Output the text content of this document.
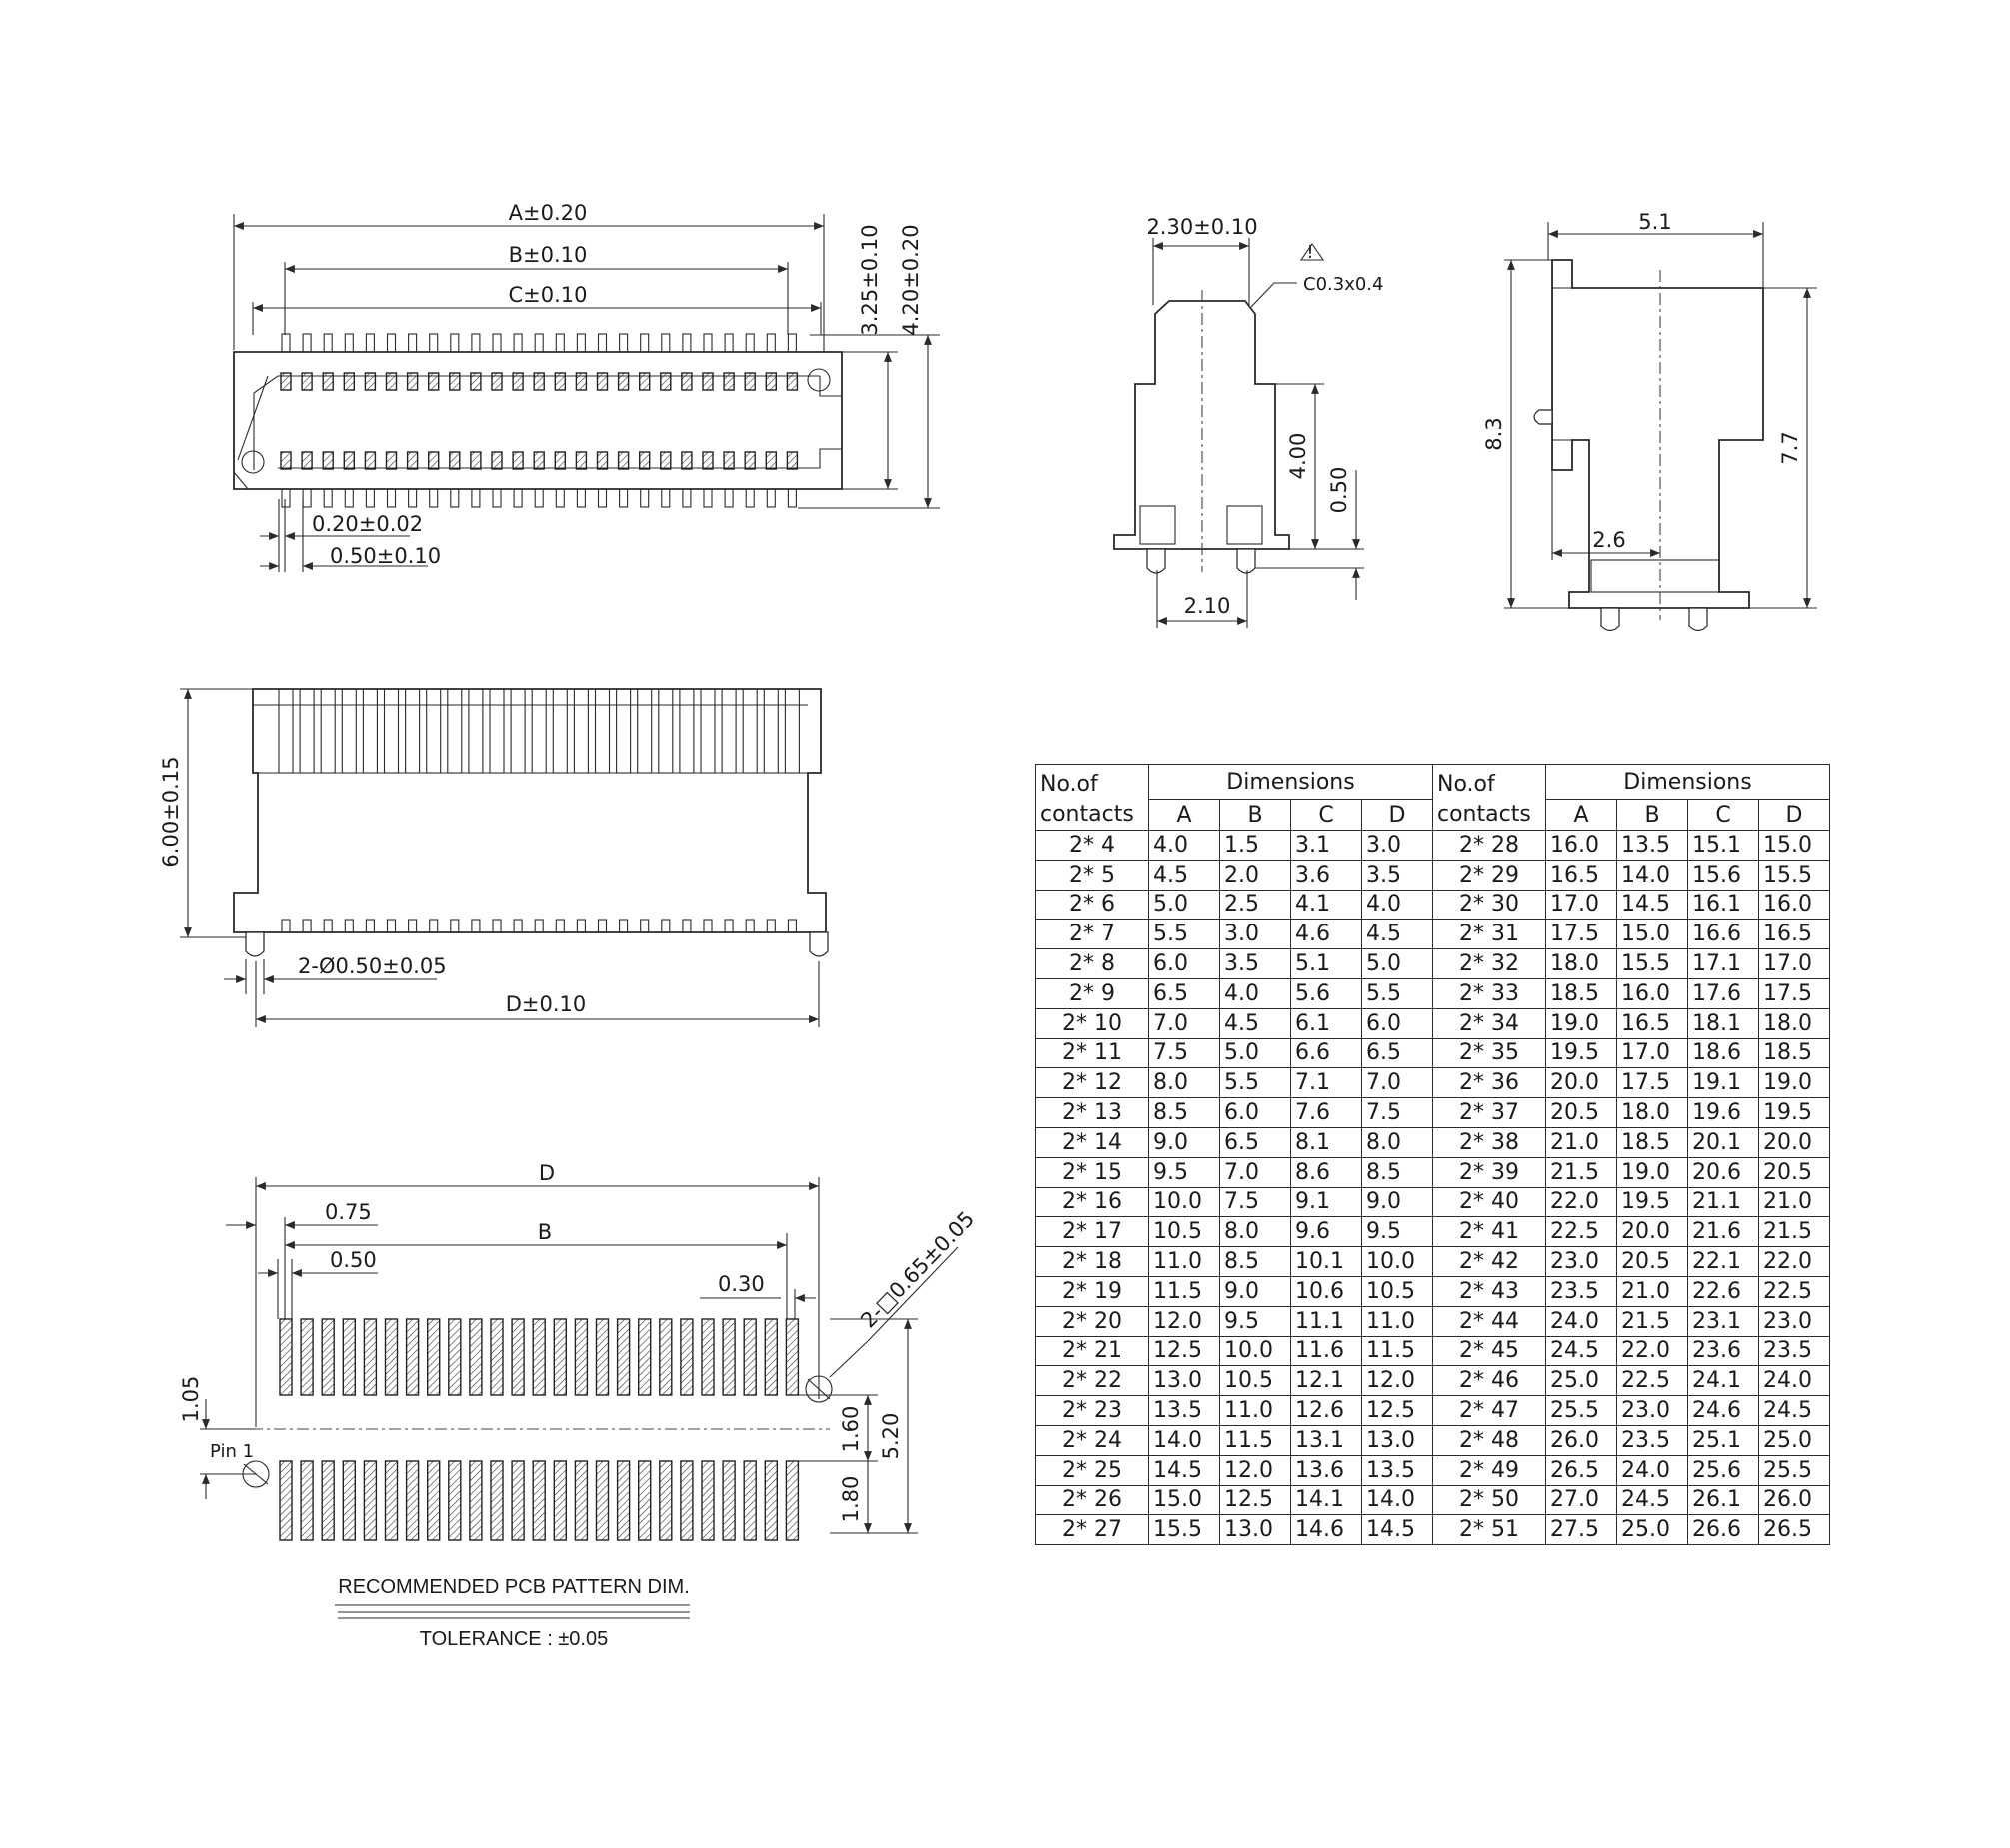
A±0.20
B±0.10
C±0.10	3.25±0.10 4.20±0.20
0.20±0.02
0.50±0.10
2.30±0.10
!
C0.3x0.4
4.00
0.50
2.10
5.1
8.3	7.7
2.6
6.00±0.15
2-Ø0.50±0.05
D±0.10
D
B
0.75
0.50
0.30	2-□0.65±0.05
5.20
1.60
1.80
1.05
Pin 1
RECOMMENDED PCB PATTERN DIM.
TOLERANCE : ±0.05
No.of
contacts	Dimensions				No.of
contacts	Dimensions			
	A	B	C	D		A	B	C	D
2* 4	4.0	1.5	3.1	3.0	2* 28	16.0	13.5	15.1	15.0
2* 5	4.5	2.0	3.6	3.5	2* 29	16.5	14.0	15.6	15.5
2* 6	5.0	2.5	4.1	4.0	2* 30	17.0	14.5	16.1	16.0
2* 7	5.5	3.0	4.6	4.5	2* 31	17.5	15.0	16.6	16.5
2* 8	6.0	3.5	5.1	5.0	2* 32	18.0	15.5	17.1	17.0
2* 9	6.5	4.0	5.6	5.5	2* 33	18.5	16.0	17.6	17.5
2* 10	7.0	4.5	6.1	6.0	2* 34	19.0	16.5	18.1	18.0
2* 11	7.5	5.0	6.6	6.5	2* 35	19.5	17.0	18.6	18.5
2* 12	8.0	5.5	7.1	7.0	2* 36	20.0	17.5	19.1	19.0
2* 13	8.5	6.0	7.6	7.5	2* 37	20.5	18.0	19.6	19.5
2* 14	9.0	6.5	8.1	8.0	2* 38	21.0	18.5	20.1	20.0
2* 15	9.5	7.0	8.6	8.5	2* 39	21.5	19.0	20.6	20.5
2* 16	10.0	7.5	9.1	9.0	2* 40	22.0	19.5	21.1	21.0
2* 17	10.5	8.0	9.6	9.5	2* 41	22.5	20.0	21.6	21.5
2* 18	11.0	8.5	10.1	10.0	2* 42	23.0	20.5	22.1	22.0
2* 19	11.5	9.0	10.6	10.5	2* 43	23.5	21.0	22.6	22.5
2* 20	12.0	9.5	11.1	11.0	2* 44	24.0	21.5	23.1	23.0
2* 21	12.5	10.0	11.6	11.5	2* 45	24.5	22.0	23.6	23.5
2* 22	13.0	10.5	12.1	12.0	2* 46	25.0	22.5	24.1	24.0
2* 23	13.5	11.0	12.6	12.5	2* 47	25.5	23.0	24.6	24.5
2* 24	14.0	11.5	13.1	13.0	2* 48	26.0	23.5	25.1	25.0
2* 25	14.5	12.0	13.6	13.5	2* 49	26.5	24.0	25.6	25.5
2* 26	15.0	12.5	14.1	14.0	2* 50	27.0	24.5	26.1	26.0
2* 27	15.5	13.0	14.6	14.5	2* 51	27.5	25.0	26.6	26.5
